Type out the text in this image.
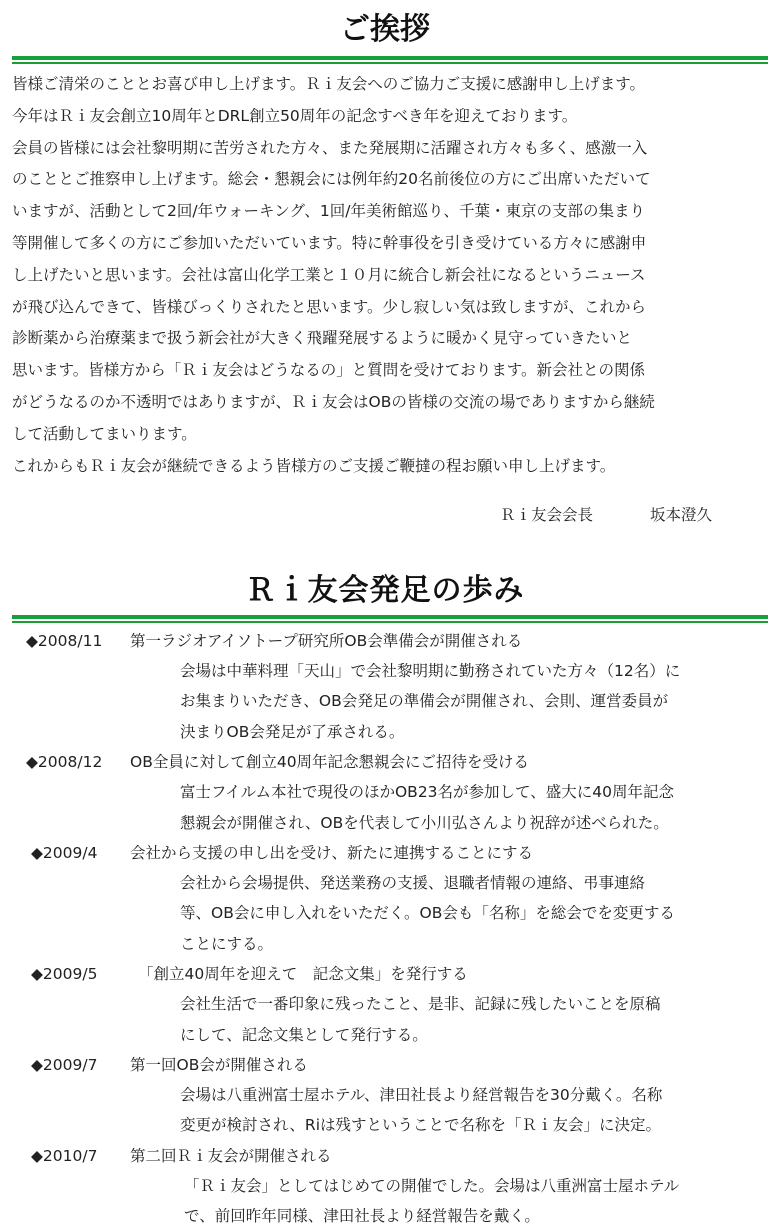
ご挨拶
皆様ご清栄のこととお喜び申し上げます。Ｒｉ友会へのご協力ご支援に感謝申し上げます。
今年はＲｉ友会創立10周年とDRL創立50周年の記念すべき年を迎えております。
会員の皆様には会社黎明期に苦労された方々、また発展期に活躍され方々も多く、感激一入
のこととご推察申し上げます。総会・懇親会には例年約20名前後位の方にご出席いただいて
いますが、活動として2回/年ウォーキング、1回/年美術館巡り、千葉・東京の支部の集まり
等開催して多くの方にご参加いただいています。特に幹事役を引き受けている方々に感謝申
し上げたいと思います。会社は富山化学工業と１０月に統合し新会社になるというニュース
が飛び込んできて、皆様びっくりされたと思います。少し寂しい気は致しますが、これから
診断薬から治療薬まで扱う新会社が大きく飛躍発展するように暖かく見守っていきたいと
思います。皆様方から「Ｒｉ友会はどうなるの」と質問を受けております。新会社との関係
がどうなるのか不透明ではありますが、Ｒｉ友会はOBの皆様の交流の場でありますから継続
して活動してまいります。
これからもＲｉ友会が継続できるよう皆様方のご支援ご鞭撻の程お願い申し上げます。
Ｒｉ友会会長	坂本澄久
Ｒｉ友会発足の歩み
◆2008/11 第一ラジオアイソトープ研究所OB会準備会が開催される
会場は中華料理「天山」で会社黎明期に勤務されていた方々（12名）に
お集まりいただき、OB会発足の準備会が開催され、会則、運営委員が
決まりOB会発足が了承される。
◆2008/12 OB全員に対して創立40周年記念懇親会にご招待を受ける
富士フイルム本社で現役のほかOB23名が参加して、盛大に40周年記念
懇親会が開催され、OBを代表して小川弘さんより祝辞が述べられた。
◆2009/4 会社から支援の申し出を受け、新たに連携することにする
会社から会場提供、発送業務の支援、退職者情報の連絡、弔事連絡
等、OB会に申し入れをいただく。OB会も「名称」を総会でを変更する
ことにする。
◆2009/5	「創立40周年を迎えて　記念文集」を発行する
会社生活で一番印象に残ったこと、是非、記録に残したいことを原稿
にして、記念文集として発行する。
◆2009/7 第一回OB会が開催される
会場は八重洲富士屋ホテル、津田社長より経営報告を30分戴く。名称
変更が検討され、Riは残すということで名称を「Ｒｉ友会」に決定。
◆2010/7 第二回Ｒｉ友会が開催される
「Ｒｉ友会」としてはじめての開催でした。会場は八重洲富士屋ホテル
で、前回昨年同様、津田社長より経営報告を戴く。
